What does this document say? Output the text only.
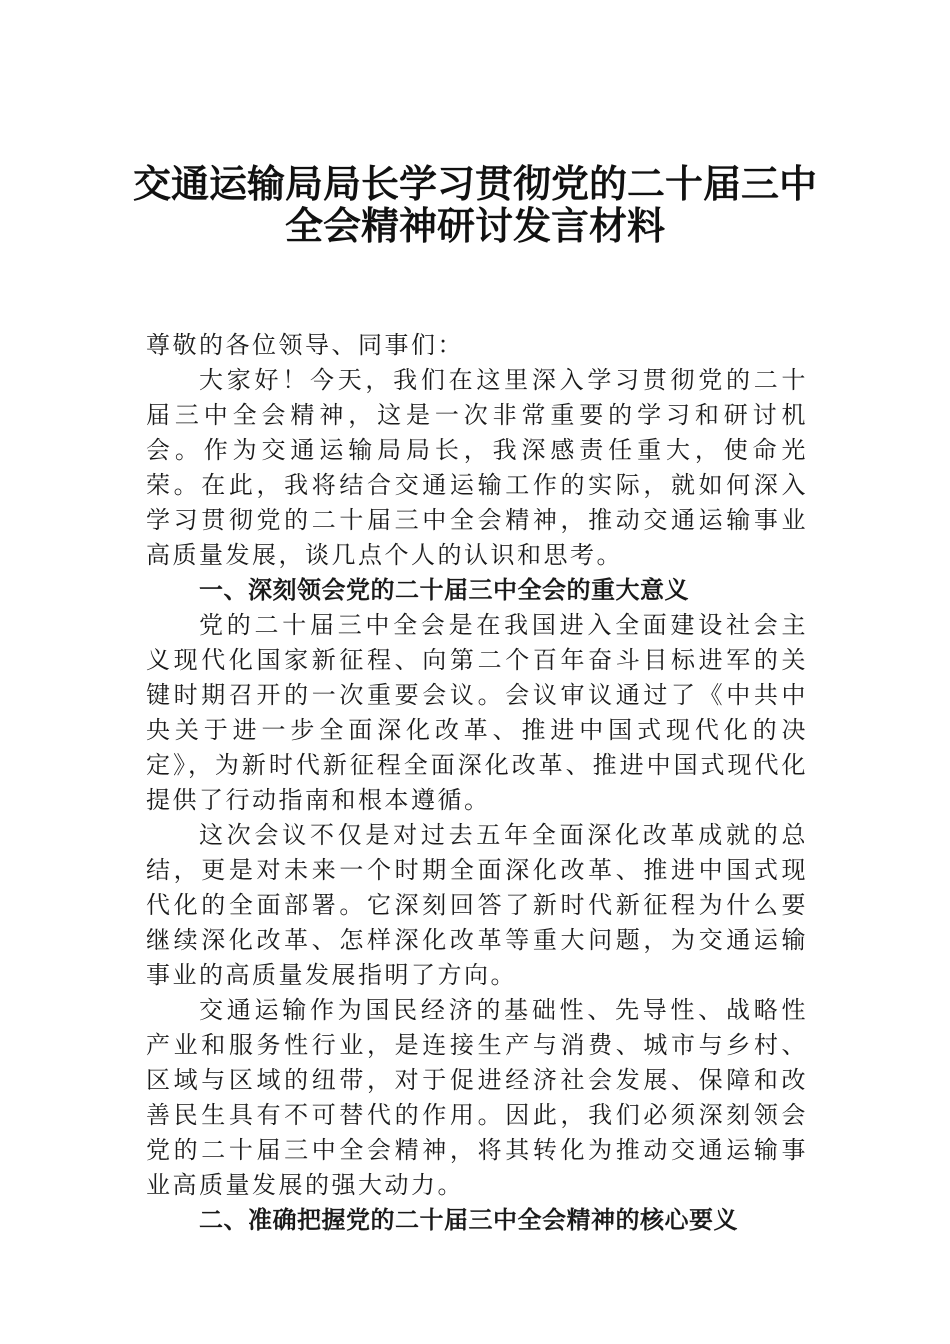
交通运输局局长学习贯彻党的二十届三中
全会精神研讨发言材料

尊敬的各位领导、同事们：

大家好！今天，我们在这里深入学习贯彻党的二十届三中全会精神，这是一次非常重要的学习和研讨机会。作为交通运输局局长，我深感责任重大，使命光荣。在此，我将结合交通运输工作的实际，就如何深入学习贯彻党的二十届三中全会精神，推动交通运输事业高质量发展，谈几点个人的认识和思考。

一、深刻领会党的二十届三中全会的重大意义

党的二十届三中全会是在我国进入全面建设社会主义现代化国家新征程、向第二个百年奋斗目标进军的关键时期召开的一次重要会议。会议审议通过了《中共中央关于进一步全面深化改革、推进中国式现代化的决定》，为新时代新征程全面深化改革、推进中国式现代化提供了行动指南和根本遵循。

这次会议不仅是对过去五年全面深化改革成就的总结，更是对未来一个时期全面深化改革、推进中国式现代化的全面部署。它深刻回答了新时代新征程为什么要继续深化改革、怎样深化改革等重大问题，为交通运输事业的高质量发展指明了方向。

交通运输作为国民经济的基础性、先导性、战略性产业和服务性行业，是连接生产与消费、城市与乡村、区域与区域的纽带，对于促进经济社会发展、保障和改善民生具有不可替代的作用。因此，我们必须深刻领会党的二十届三中全会精神，将其转化为推动交通运输事业高质量发展的强大动力。

二、准确把握党的二十届三中全会精神的核心要义
